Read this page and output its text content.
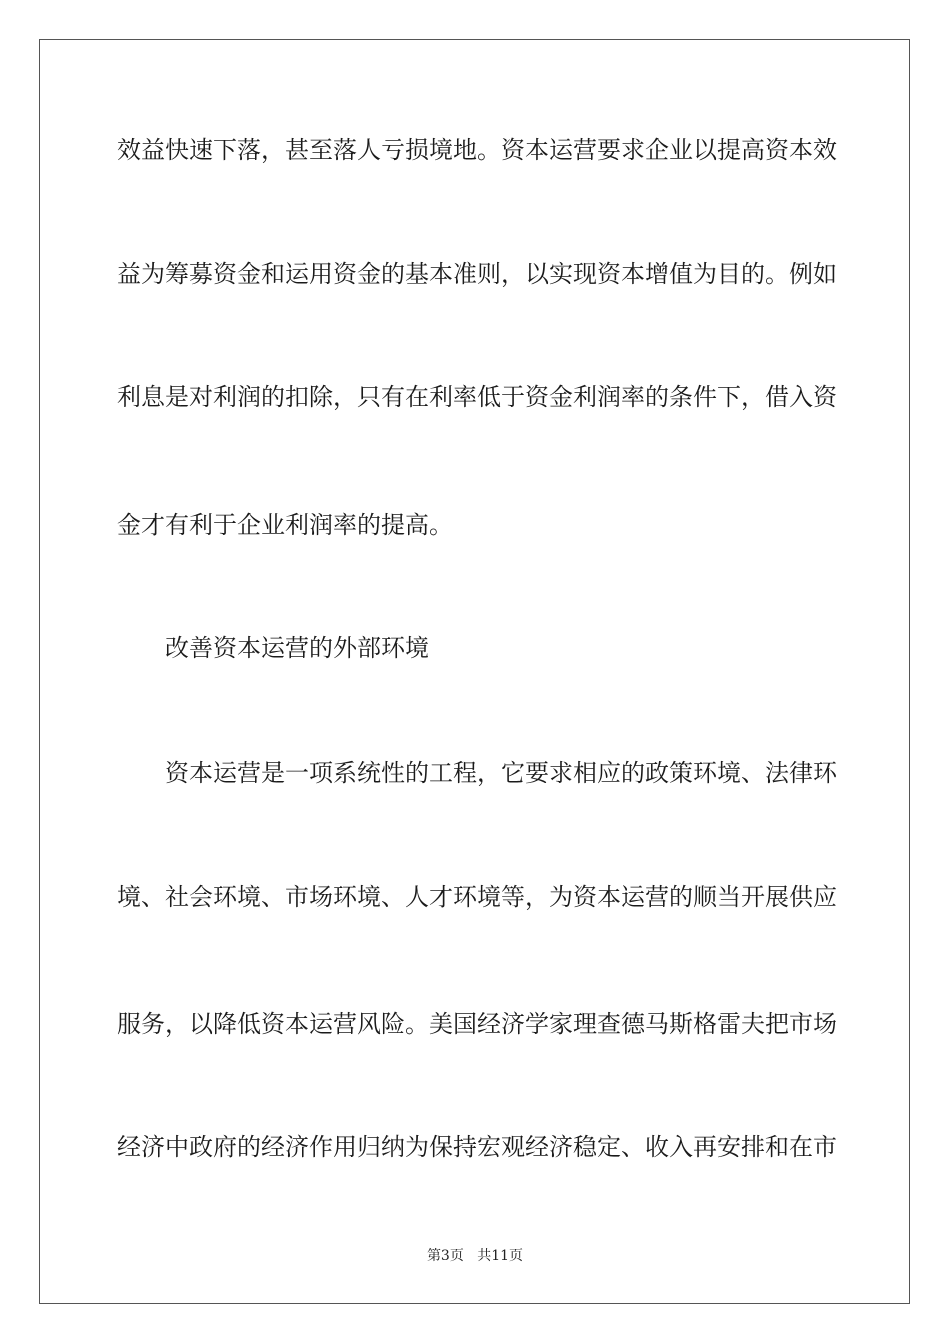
效益快速下落，甚至落人亏损境地。资本运营要求企业以提高资本效
益为筹募资金和运用资金的基本准则，以实现资本增值为目的。例如
利息是对利润的扣除，只有在利率低于资金利润率的条件下，借入资
金才有利于企业利润率的提高。
改善资本运营的外部环境
资本运营是一项系统性的工程，它要求相应的政策环境、法律环
境、社会环境、市场环境、人才环境等，为资本运营的顺当开展供应
服务，以降低资本运营风险。美国经济学家理查德马斯格雷夫把市场
经济中政府的经济作用归纳为保持宏观经济稳定、收入再安排和在市
第3页 共11页
